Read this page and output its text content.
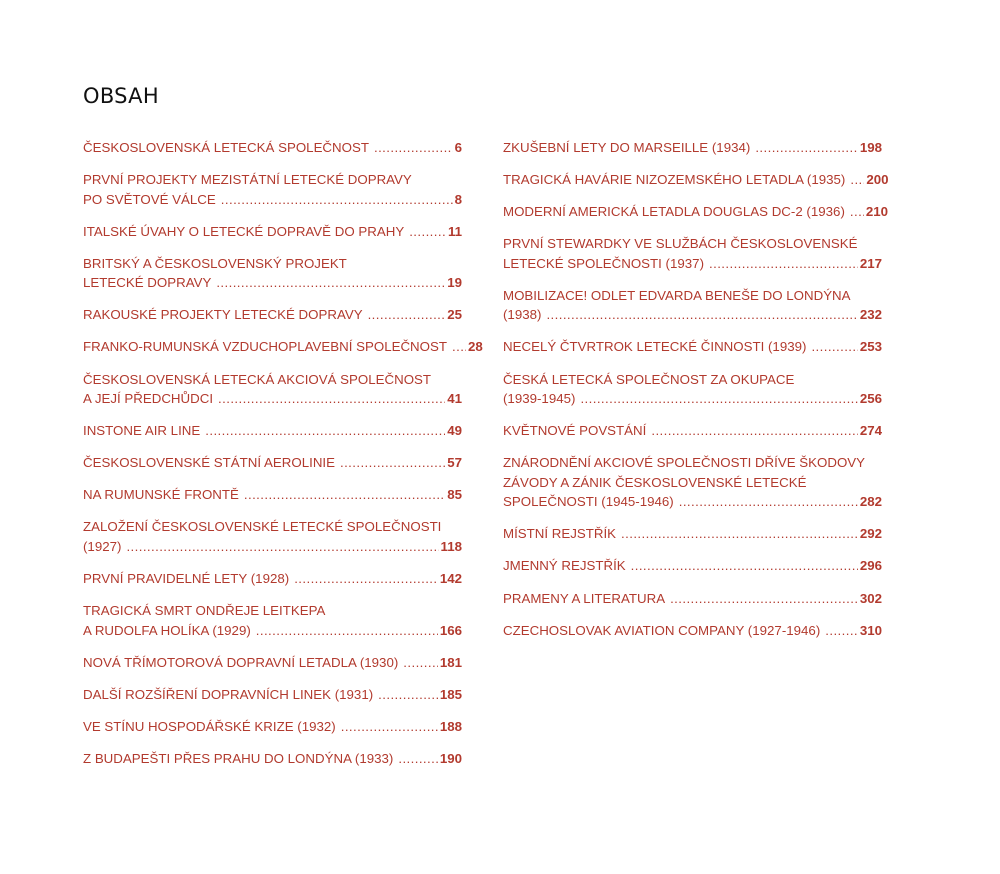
OBSAH
ČESKOSLOVENSKÁ LETECKÁ SPOLEČNOST .....	6
PRVNÍ PROJEKTY MEZISTÁTNÍ LETECKÉ DOPRAVY
PO SVĚTOVÉ VÁLCE .....	8
ITALSKÉ ÚVAHY O LETECKÉ DOPRAVĚ DO PRAHY .....	11
BRITSKÝ A ČESKOSLOVENSKÝ PROJEKT
LETECKÉ DOPRAVY .....	19
RAKOUSKÉ PROJEKTY LETECKÉ DOPRAVY .....	25
FRANKO-RUMUNSKÁ VZDUCHOPLAVEBNÍ SPOLEČNOST ..... 28
ČESKOSLOVENSKÁ LETECKÁ AKCIOVÁ SPOLEČNOST
A JEJÍ PŘEDCHŮDCI .....	41
INSTONE AIR LINE .....	49
ČESKOSLOVENSKÉ STÁTNÍ AEROLINIE .....	57
NA RUMUNSKÉ FRONTĚ .....	85
ZALOŽENÍ ČESKOSLOVENSKÉ LETECKÉ SPOLEČNOSTI
(1927) .....	118
PRVNÍ PRAVIDELNÉ LETY (1928) .....	142
TRAGICKÁ SMRT ONDŘEJE LEITKEPA
A RUDOLFA HOLÍKA (1929) .....	166
NOVÁ TŘÍMOTOROVÁ DOPRAVNÍ LETADLA (1930) .....	181
DALŠÍ ROZŠÍŘENÍ DOPRAVNÍCH LINEK (1931) .....	185
VE STÍNU HOSPODÁŘSKÉ KRIZE (1932) .....	188
Z BUDAPEŠTI PŘES PRAHU DO LONDÝNA (1933) .....	190
ZKUŠEBNÍ LETY DO MARSEILLE (1934) .....	198
TRAGICKÁ HAVÁRIE NIZOZEMSKÉHO LETADLA (1935) ..... 200
MODERNÍ AMERICKÁ LETADLA DOUGLAS DC-2 (1936) ..... 210
PRVNÍ STEWARDKY VE SLUŽBÁCH ČESKOSLOVENSKÉ
LETECKÉ SPOLEČNOSTI (1937) .....	217
MOBILIZACE! ODLET EDVARDA BENEŠE DO LONDÝNA
(1938) .....	232
NECELÝ ČTVRTROK LETECKÉ ČINNOSTI (1939) .....	253
ČESKÁ LETECKÁ SPOLEČNOST ZA OKUPACE
(1939-1945) .....	256
KVĚTNOVÉ POVSTÁNÍ .....	274
ZNÁRODNĚNÍ AKCIOVÉ SPOLEČNOSTI DŘÍVE ŠKODOVY
ZÁVODY A ZÁNIK ČESKOSLOVENSKÉ LETECKÉ
SPOLEČNOSTI (1945-1946) .....	282
MÍSTNÍ REJSTŘÍK .....	292
JMENNÝ REJSTŘÍK .....	296
PRAMENY A LITERATURA .....	302
CZECHOSLOVAK AVIATION COMPANY (1927-1946) .....	310
